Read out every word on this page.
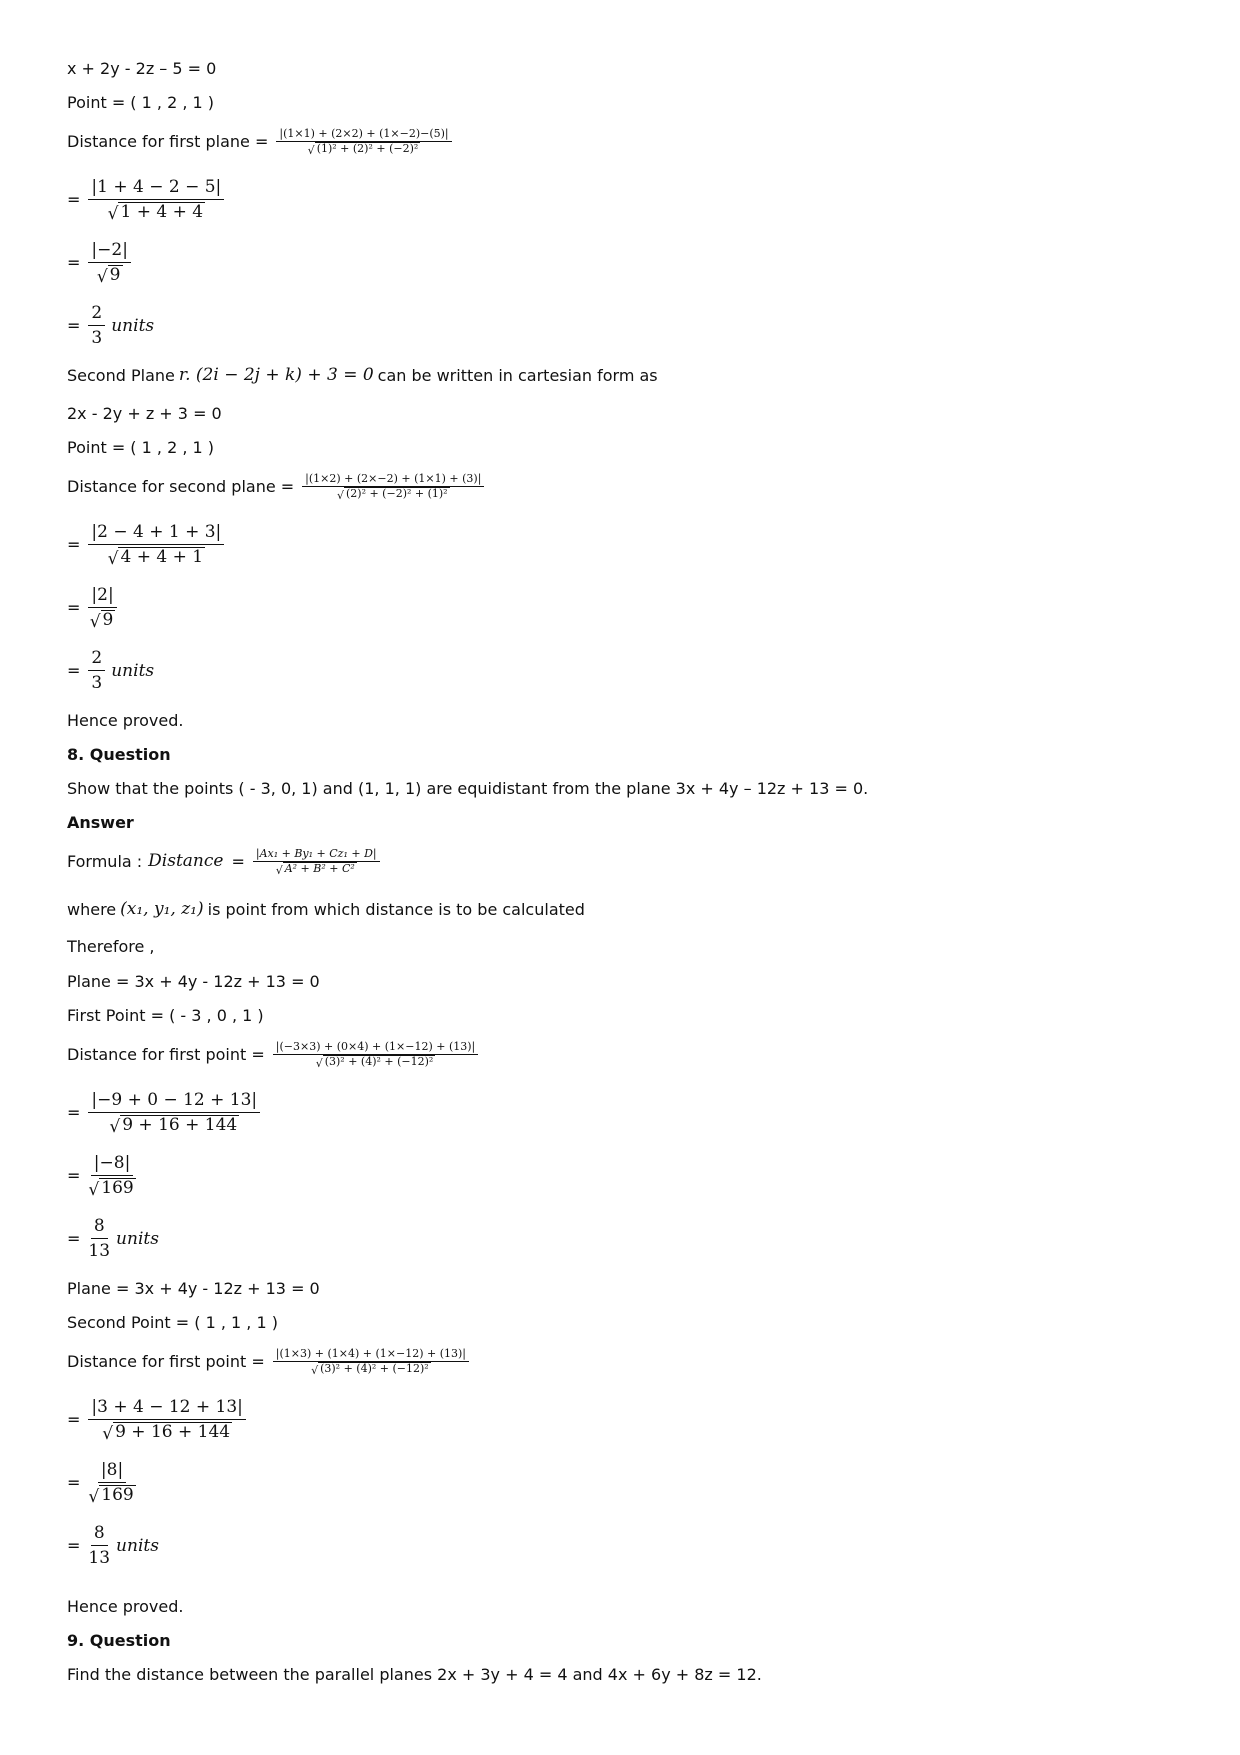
x + 2y - 2z – 5 = 0
Point = ( 1 , 2 , 1 )
Distance for first plane = $\frac{|(1\times 1) + (2\times 2) + (1\times-2)-(5)|}{\text{√ (1)² + (2)² + (−2)²}}$
= $\frac{|1 + 4 - 2 - 5|}{√ 1 + 4 + 4}$
= $\frac{|-2|}{√ 9}$
= $\frac{2}{3}$ units
Second Plane r. (2i − 2j + k) + 3 = 0 can be written in cartesian form as
2x - 2y + z + 3 = 0
Point = ( 1 , 2 , 1 )
Distance for second plane = $\frac{|(1\times 2) + (2\times-2) + (1\times 1) + (3)|}{\text{√ (2)² + (−2)² + (1)²}}$
= $\frac{|2 - 4 + 1 + 3|}{√ 4 + 4 + 1}$
= $\frac{|2|}{√ 9}$
= $\frac{2}{3}$ units
Hence proved.
8. Question
Show that the points ( - 3, 0, 1) and (1, 1, 1) are equidistant from the plane 3x + 4y – 12z + 13 = 0.
Answer
Formula : Distance = $\frac{\text{|Ax₁ + By₁ + Cz₁ + D|}}{\text{√ A² + B² + C²}}$
where (x₁, y₁, z₁) is point from which distance is to be calculated
Therefore ,
Plane = 3x + 4y - 12z + 13 = 0
First Point = ( - 3 , 0 , 1 )
Distance for first point = $\frac{|(-3\times 3) + (0\times 4) + (1\times-12) + (13)|}{\text{√ (3)² + (4)² + (−12)²}}$
= $\frac{|-9 + 0 - 12 + 13|}{√ 9 + 16 + 144}$
= $\frac{|-8|}{√ 169}$
= $\frac{8}{13}$ units
Plane = 3x + 4y - 12z + 13 = 0
Second Point = ( 1 , 1 , 1 )
Distance for first point = $\frac{|(1\times 3) + (1\times 4) + (1\times-12) + (13)|}{\text{√ (3)² + (4)² + (−12)²}}$
= $\frac{|3 + 4 - 12 + 13|}{√ 9 + 16 + 144}$
= $\frac{|8|}{√ 169}$
= $\frac{8}{13}$ units
Hence proved.
9. Question
Find the distance between the parallel planes 2x + 3y + 4 = 4 and 4x + 6y + 8z = 12.
